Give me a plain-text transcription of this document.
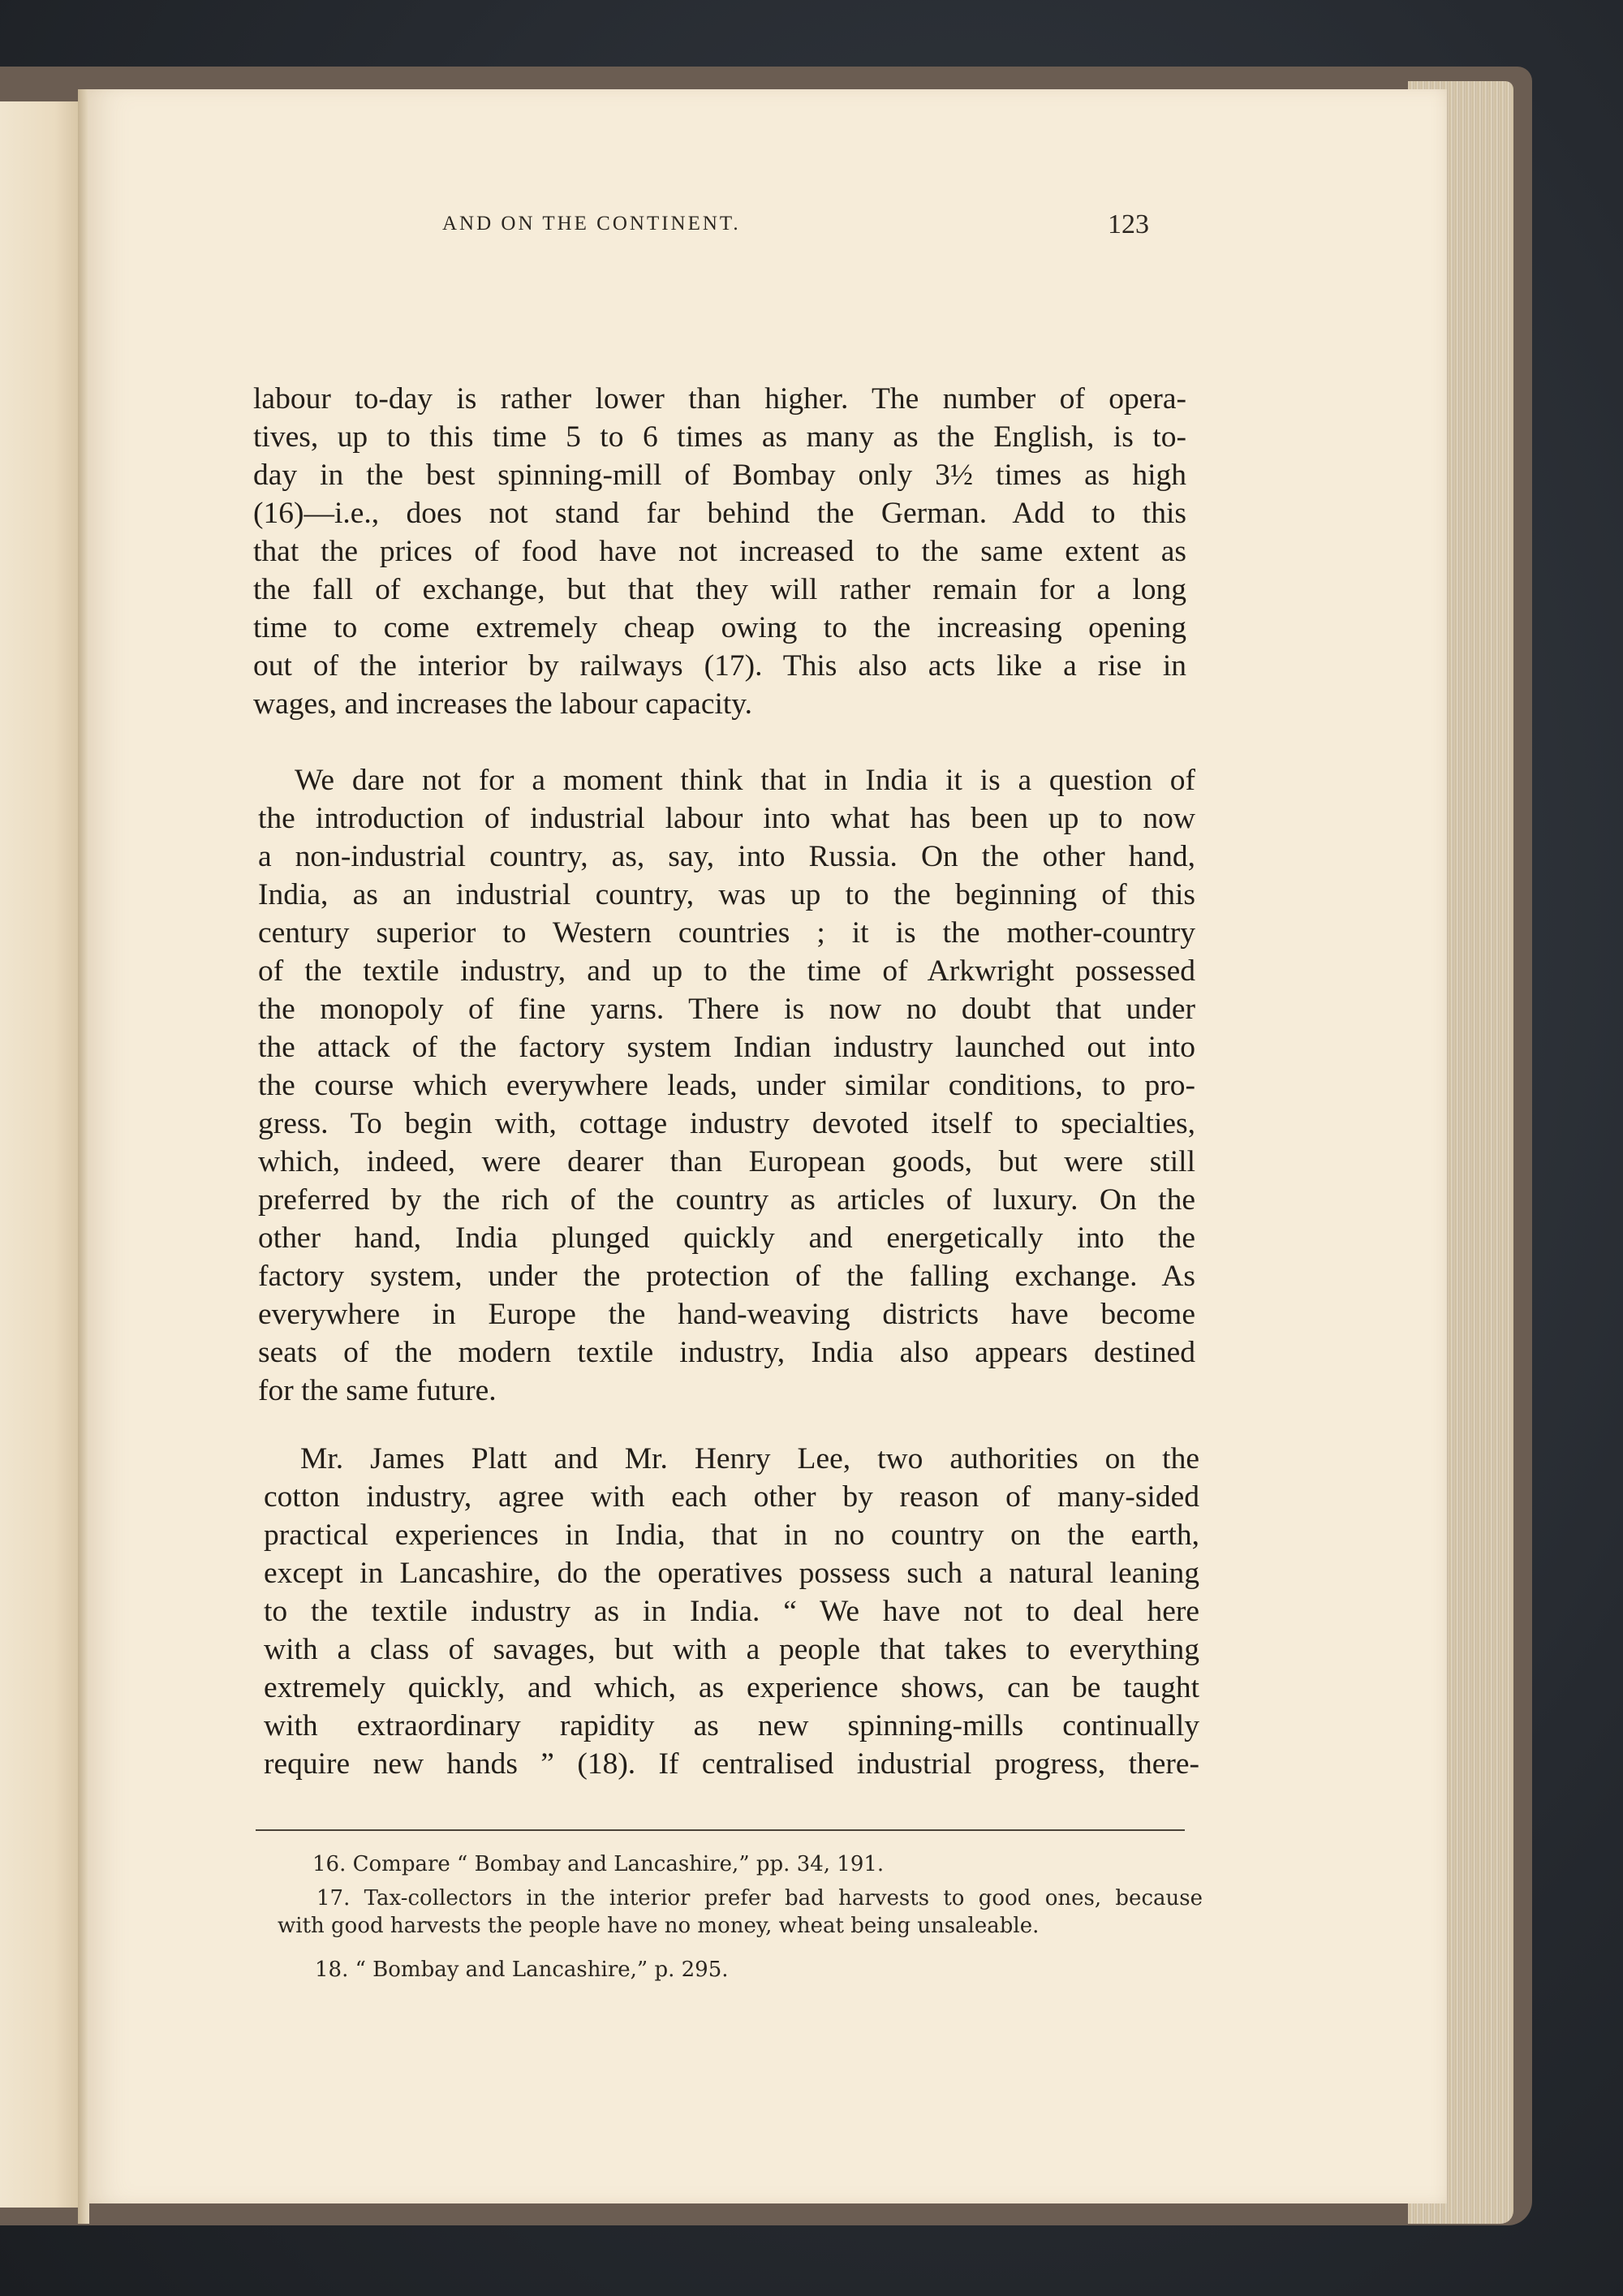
AND ON THE CONTINENT.	123
labour to-day is rather lower than higher. The number of opera-
tives, up to this time 5 to 6 times as many as the English, is to-
day in the best spinning-mill of Bombay only 3½ times as high
(16)—i.e., does not stand far behind the German. Add to this
that the prices of food have not increased to the same extent as
the fall of exchange, but that they will rather remain for a long
time to come extremely cheap owing to the increasing opening
out of the interior by railways (17). This also acts like a rise in
wages, and increases the labour capacity.
We dare not for a moment think that in India it is a question of
the introduction of industrial labour into what has been up to now
a non-industrial country, as, say, into Russia. On the other hand,
India, as an industrial country, was up to the beginning of this
century superior to Western countries ; it is the mother-country
of the textile industry, and up to the time of Arkwright possessed
the monopoly of fine yarns. There is now no doubt that under
the attack of the factory system Indian industry launched out into
the course which everywhere leads, under similar conditions, to pro-
gress. To begin with, cottage industry devoted itself to specialties,
which, indeed, were dearer than European goods, but were still
preferred by the rich of the country as articles of luxury. On the
other hand, India plunged quickly and energetically into the
factory system, under the protection of the falling exchange. As
everywhere in Europe the hand-weaving districts have become
seats of the modern textile industry, India also appears destined
for the same future.
Mr. James Platt and Mr. Henry Lee, two authorities on the
cotton industry, agree with each other by reason of many-sided
practical experiences in India, that in no country on the earth,
except in Lancashire, do the operatives possess such a natural leaning
to the textile industry as in India. “ We have not to deal here
with a class of savages, but with a people that takes to everything
extremely quickly, and which, as experience shows, can be taught
with extraordinary rapidity as new spinning-mills continually
require new hands ” (18). If centralised industrial progress, there-
16. Compare “ Bombay and Lancashire,” pp. 34, 191.
17. Tax-collectors in the interior prefer bad harvests to good ones, because
with good harvests the people have no money, wheat being unsaleable.
18. “ Bombay and Lancashire,” p. 295.
